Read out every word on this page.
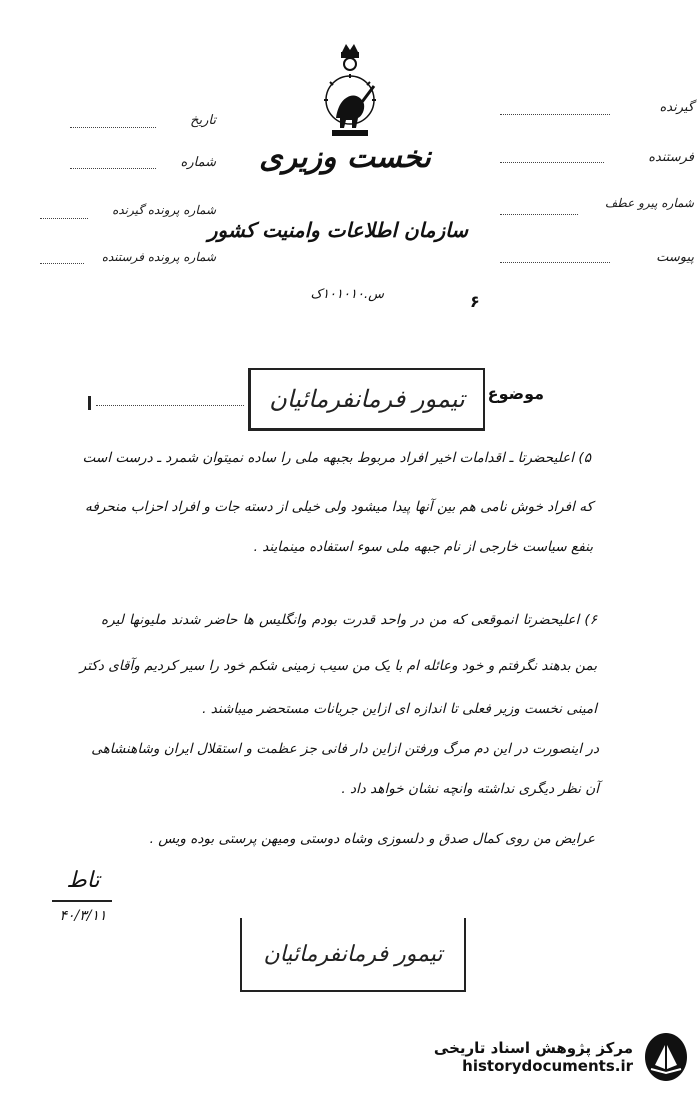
نخست وزیری
سازمان اطلاعات وامنیت کشور
س.۱۰۱۰۱۰ک	۶
گیرنده
فرستنده
شماره پیرو عطف
پیوست
تاریخ
شماره
شماره پرونده گیرنده
شماره پرونده فرستنده
موضوع
تیمور فرمانفرمائیان
۵) اعلیحضرتا ـ اقدامات اخیر افراد مربوط بجبهه ملی را ساده نمیتوان شمرد ـ درست است
که افراد خوش نامی هم بین آنها پیدا میشود ولی خیلی از دسته جات و افراد احزاب منحرفه
بنفع سیاست خارجی از نام جبهه ملی سوء استفاده مینمایند .
۶) اعلیحضرتا انموقعی که من در واحد قدرت بودم وانگلیس ها حاضر شدند ملیونها لیره
بمن بدهند نگرفتم و خود وعائله ام با یک من سیب زمینی شکم خود را سیر کردیم وآقای دکتر
امینی نخست وزیر فعلی تا اندازه ای ازاین جریانات مستحضر میباشند .
در اینصورت در این دم مرگ ورفتن ازاین دار فانی جز عظمت و استقلال ایران وشاهنشاهی
آن نظر دیگری نداشته وانچه نشان خواهد داد .
عرایض من روی کمال صدق و دلسوزی وشاه دوستی ومیهن پرستی بوده ویس .
تاط
۴۰/۳/۱۱
تیمور فرمانفرمائیان
مرکز پژوهش اسناد تاریخی
historydocuments.ir
